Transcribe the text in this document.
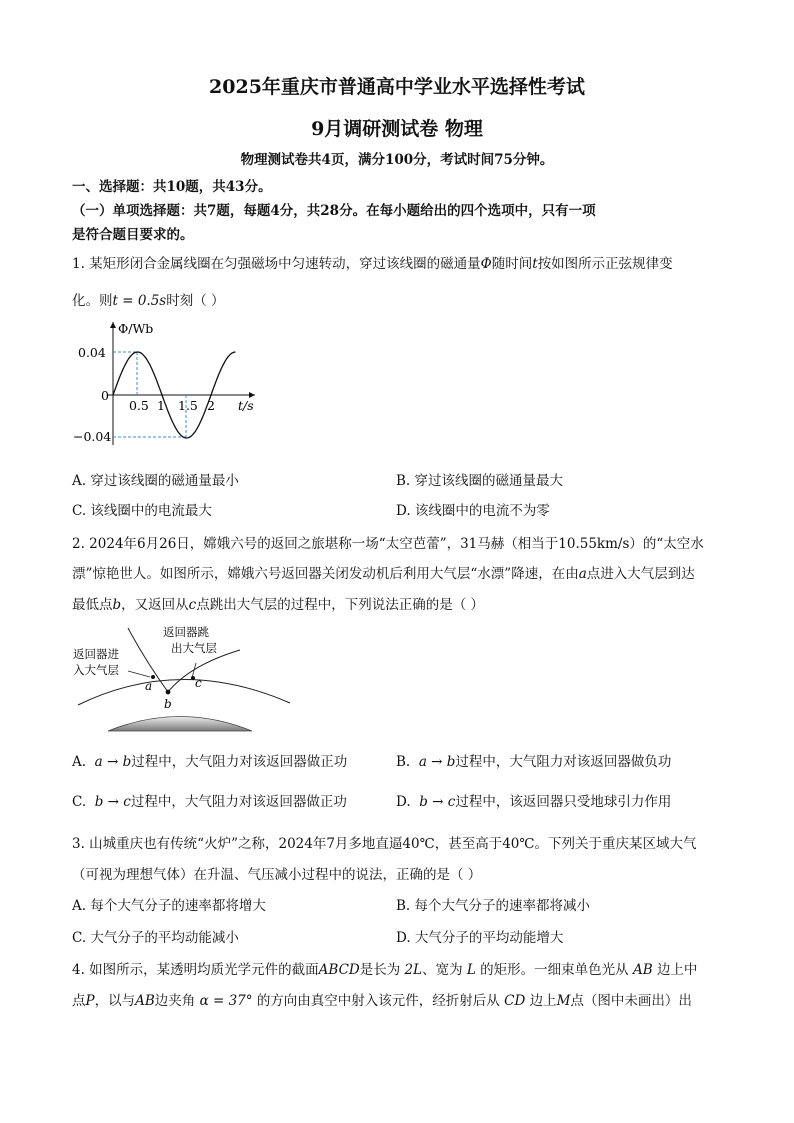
2025年重庆市普通高中学业水平选择性考试
9月调研测试卷 物理
物理测试卷共4页，满分100分，考试时间75分钟。
一、选择题：共10题，共43分。
（一）单项选择题：共7题，每题4分，共28分。在每小题给出的四个选项中，只有一项
是符合题目要求的。
1. 某矩形闭合金属线圈在匀强磁场中匀速转动，穿过该线圈的磁通量Φ随时间t按如图所示正弦规律变
化。则t = 0.5s时刻（ ）
Φ/Wb
0.04
0
−0.04
0.5 1 1.5 2 t/s
A. 穿过该线圈的磁通量最小	B. 穿过该线圈的磁通量最大
C. 该线圈中的电流最大	D. 该线圈中的电流不为零
2. 2024年6月26日，嫦娥六号的返回之旅堪称一场“太空芭蕾”，31马赫（相当于10.55km/s）的“太空水
漂”惊艳世人。如图所示，嫦娥六号返回器关闭发动机后利用大气层“水漂”降速，在由a点进入大气层到达
最低点b，又返回从c点跳出大气层的过程中，下列说法正确的是（ ）
返回器进
入大气层
返回器跳
出大气层
a
b
c
A. a → b过程中，大气阻力对该返回器做正功	B. a → b过程中，大气阻力对该返回器做负功
C. b → c过程中，大气阻力对该返回器做正功	D. b → c过程中，该返回器只受地球引力作用
3. 山城重庆也有传统“火炉”之称，2024年7月多地直逼40℃，甚至高于40℃。下列关于重庆某区域大气
（可视为理想气体）在升温、气压减小过程中的说法，正确的是（ ）
A. 每个大气分子的速率都将增大	B. 每个大气分子的速率都将减小
C. 大气分子的平均动能减小	D. 大气分子的平均动能增大
4. 如图所示，某透明均质光学元件的截面ABCD是长为 2L、宽为 L 的矩形。一细束单色光从 AB 边上中
点P，以与AB边夹角 α = 37° 的方向由真空中射入该元件，经折射后从 CD 边上M点（图中未画出）出
